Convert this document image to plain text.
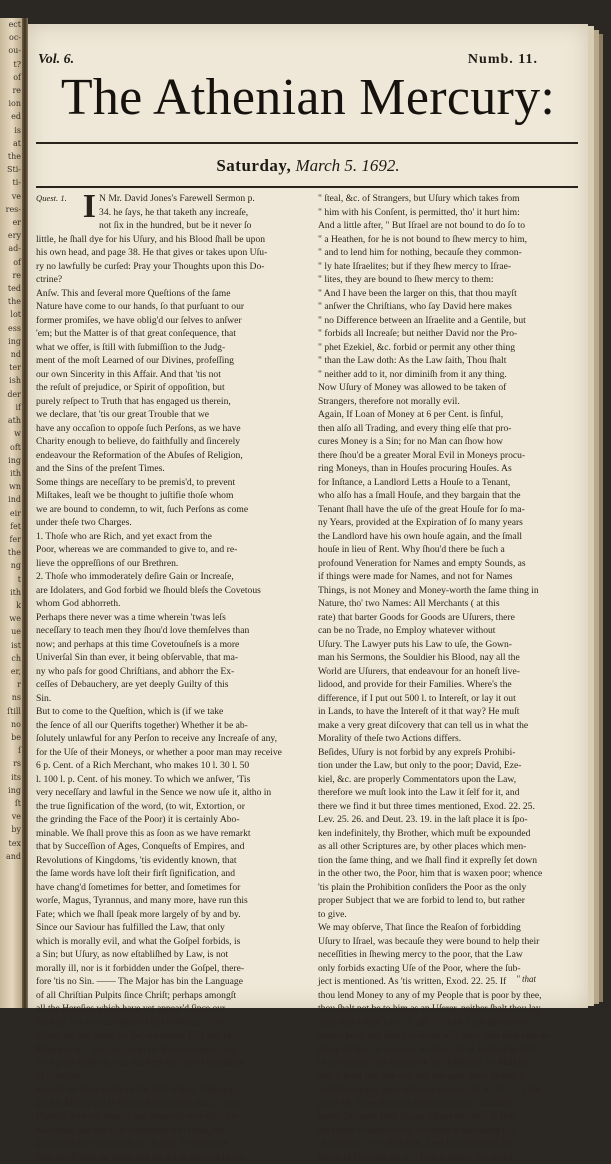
ect
oc-
ou-
t?
of
re
ion
ed
is
at
the
Sti-
ti-
ve
res-
er
ery
ad-
of
re
ted
the
lot
ess
ing
nd
ter
ish
der
if
ath
w
oft
ing
ith
wn
ind
eir
fet
fer
the
ng
t
ith
k
we
ue
ist
ch
er,
r
ns
ſtill
no
be
ſ
rs
its
ing
ſt
ve
by
tex
and
Vol. 6.	Numb. 11.
The Athenian Mercury:
Saturday, March 5. 1692.
Quest. 1. I N Mr. David Jones's Farewell Sermon p.
34. he ſays, he that taketh any increaſe,
not ſix in the hundred, but be it never ſo
little, he ſhall dye for his Uſury, and his Blood ſhall be upon
his own head, and page 38. He that gives or takes upon Uſu-
ry no lawfully be curſed: Pray your Thoughts upon this Do-
ctrine?
Anſw. This and ſeveral more Queſtions of the ſame
Nature have come to our hands, ſo that purſuant to our
former promiſes, we have oblig'd our ſelves to anſwer
'em; but the Matter is of that great conſequence, that
what we offer, is ſtill with ſubmiſſion to the Judg-
ment of the moſt Learned of our Divines, profeſſing
our own Sincerity in this Affair. And that 'tis not
the reſult of prejudice, or Spirit of oppoſition, but
purely reſpect to Truth that has engaged us therein,
we declare, that 'tis our great Trouble that we
have any occaſion to oppoſe ſuch Perſons, as we have
Charity enough to believe, do faithfully and ſincerely
endeavour the Reformation of the Abuſes of Religion,
and the Sins of the preſent Times.
Some things are neceſſary to be premis'd, to prevent
Miſtakes, leaſt we be thought to juſtifie thoſe whom
we are bound to condemn, to wit, ſuch Perſons as come
under theſe two Charges.
1. Thoſe who are Rich, and yet exact from the
Poor, whereas we are commanded to give to, and re-
lieve the oppreſſions of our Brethren.
2. Thoſe who immoderately deſire Gain or Increaſe,
are Idolaters, and God forbid we ſhould bleſs the Covetous
whom God abhorreth.
Perhaps there never was a time wherein 'twas leſs
neceſſary to teach men they ſhou'd love themſelves than
now; and perhaps at this time Covetouſneſs is a more
Univerſal Sin than ever, it being obſervable, that ma-
ny who paſs for good Chriſtians, and abhorr the Ex-
ceſſes of Debauchery, are yet deeply Guilty of this
Sin.
But to come to the Queſtion, which is (if we take
the ſence of all our Querifts together) Whether it be ab-
ſolutely unlawful for any Perſon to receive any Increaſe of any,
for the Uſe of their Moneys, or whether a poor man may receive
6 p. Cent. of a Rich Merchant, who makes 10 l. 30 l. 50
l. 100 l. p. Cent. of his money. To which we anſwer, 'Tis
very neceſſary and lawful in the Sence we now uſe it, altho in
the true ſignification of the word, (to wit, Extortion, or
the grinding the Face of the Poor) it is certainly Abo-
minable. We ſhall prove this as ſoon as we have remarkt
that by Succeſſion of Ages, Conqueſts of Empires, and
Revolutions of Kingdoms, 'tis evidently known, that
the ſame words have loſt their firſt ſignification, and
have chang'd ſometimes for better, and ſometimes for
worſe, Magus, Tyrannus, and many more, have run this
Fate; which we ſhall ſpeak more largely of by and by.
Since our Saviour has fulfilled the Law, that only
which is morally evil, and what the Goſpel forbids, is
a Sin; but Uſury, as now eſtabliſhed by Law, is not
morally ill, nor is it forbidden under the Goſpel, there-
fore 'tis no Sin. —— The Major has bin the Language
of all Chriſtian Pulpits ſince Chriſt; perhaps amongſt
all the Hereſies which have yet appear'd ſince our
Saviour, not one has diſputed this particular. The
Minor, for any thing we ſee, is evident, for Loan of
Money at 6. l. per Cent. is ſo far from an Injury, that
'tis a great kindneſs, and has been the riſe of thouſands
of Families.
Kimchi on theſe words of the 15th. Pſalm, Hath not
put his Money out to Uſury, Paraphraſeth thus, " The
Pſalmiſt does not State it any otherwiſe than the Law
hath done, and the Law forbiddeth it to Iſrael, but
permitteth it to Strangers; as 'tis ſaid, To Strangers
thou mayſt lend on Uſury, but 'tis not ſo allowed to rob,
" ſteal, &c. of Strangers, but Uſury which takes from
" him with his Conſent, is permitted, tho' it hurt him:
And a little after, " But Iſrael are not bound to do ſo to
" a Heathen, for he is not bound to ſhew mercy to him,
" and to lend him for nothing, becauſe they common-
" ly hate Iſraelites; but if they ſhew mercy to Iſrae-
" lites, they are bound to ſhew mercy to them:
" And I have been the larger on this, that thou mayſt
" anſwer the Chriſtians, who ſay David here makes
" no Difference between an Iſraelite and a Gentile, but
" forbids all Increaſe; but neither David nor the Pro-
" phet Ezekiel, &c. forbid or permit any other thing
" than the Law doth: As the Law ſaith, Thou ſhalt
" neither add to it, nor diminiſh from it any thing.
Now Uſury of Money was allowed to be taken of
Strangers, therefore not morally evil.
Again, If Loan of Money at 6 per Cent. is ſinful,
then alſo all Trading, and every thing elſe that pro-
cures Money is a Sin; for no Man can ſhow how
there ſhou'd be a greater Moral Evil in Moneys procu-
ring Moneys, than in Houſes procuring Houſes. As
for Inſtance, a Landlord Letts a Houſe to a Tenant,
who alſo has a ſmall Houſe, and they bargain that the
Tenant ſhall have the uſe of the great Houſe for ſo ma-
ny Years, provided at the Expiration of ſo many years
the Landlord have his own houſe again, and the ſmall
houſe in lieu of Rent. Why ſhou'd there be ſuch a
profound Veneration for Names and empty Sounds, as
if things were made for Names, and not for Names
Things, is not Money and Money-worth the ſame thing in
Nature, tho' two Names: All Merchants ( at this
rate) that barter Goods for Goods are Uſurers, there
can be no Trade, no Employ whatever without
Uſury. The Lawyer puts his Law to uſe, the Gown-
man his Sermons, the Souldier his Blood, nay all the
World are Uſurers, that endeavour for an honeſt live-
lidood, and provide for their Families. Where's the
difference, if I put out 500 l. to Intereſt, or lay it out
in Lands, to have the Intereſt of it that way? He muſt
make a very great diſcovery that can tell us in what the
Morality of theſe two Actions differs.
Beſides, Uſury is not forbid by any expreſs Prohibi-
tion under the Law, but only to the poor; David, Eze-
kiel, &c. are properly Commentators upon the Law,
therefore we muſt look into the Law it ſelf for it, and
there we find it but three times mentioned, Exod. 22. 25.
Lev. 25. 26. and Deut. 23. 19. in the laſt place it is ſpo-
ken indefinitely, thy Brother, which muſt be expounded
as all other Scriptures are, by other places which men-
tion the ſame thing, and we ſhall find it expreſly ſet down
in the other two, the Poor, him that is waxen poor; whence
'tis plain the Prohibition conſiders the Poor as the only
proper Subject that we are forbid to lend to, but rather
to give.
We may obſerve, That ſince the Reaſon of forbidding
Uſury to Iſrael, was becauſe they were bound to help their
neceſſities in ſhewing mercy to the poor, that the Law
only forbids exacting Uſe of the Poor, where the ſub-
ject is mentioned. As 'tis written, Exod. 22. 25. If
thou lend Money to any of my People that is poor by thee,
thou ſhalt not be to him as an Uſerer, neither ſhalt thou lay
upon him Uſury, Lev. 25. 26. 27. And if thy Brother be
waxen poor, and fallen to decay with thee, thou ſhalt take no
Uſury of him, or Increaſe: So Prov. 28. 8. He that by Uſu-
ry and unjuſt Gain increaſeth his Subſtance, he ſhall ga-
ther it from him that will pity the poor. Here Tarbith is
tranſlated unjuſt gain, which in Ezekiel 18. 8, 13. 17. ( the
place Mr. Jones ſo much inſiſts upon ) is Tranſlated
barely Increaſe; both places reſpect the poor, ſo that
the Uſury condemned by Scripture is the taking Uſe
of the Poor. —— And ſo R. Levi Ben Gerſhom, ob-
ſerves in Proverbs 28. 8. " God ſo orders the matter,
" that
